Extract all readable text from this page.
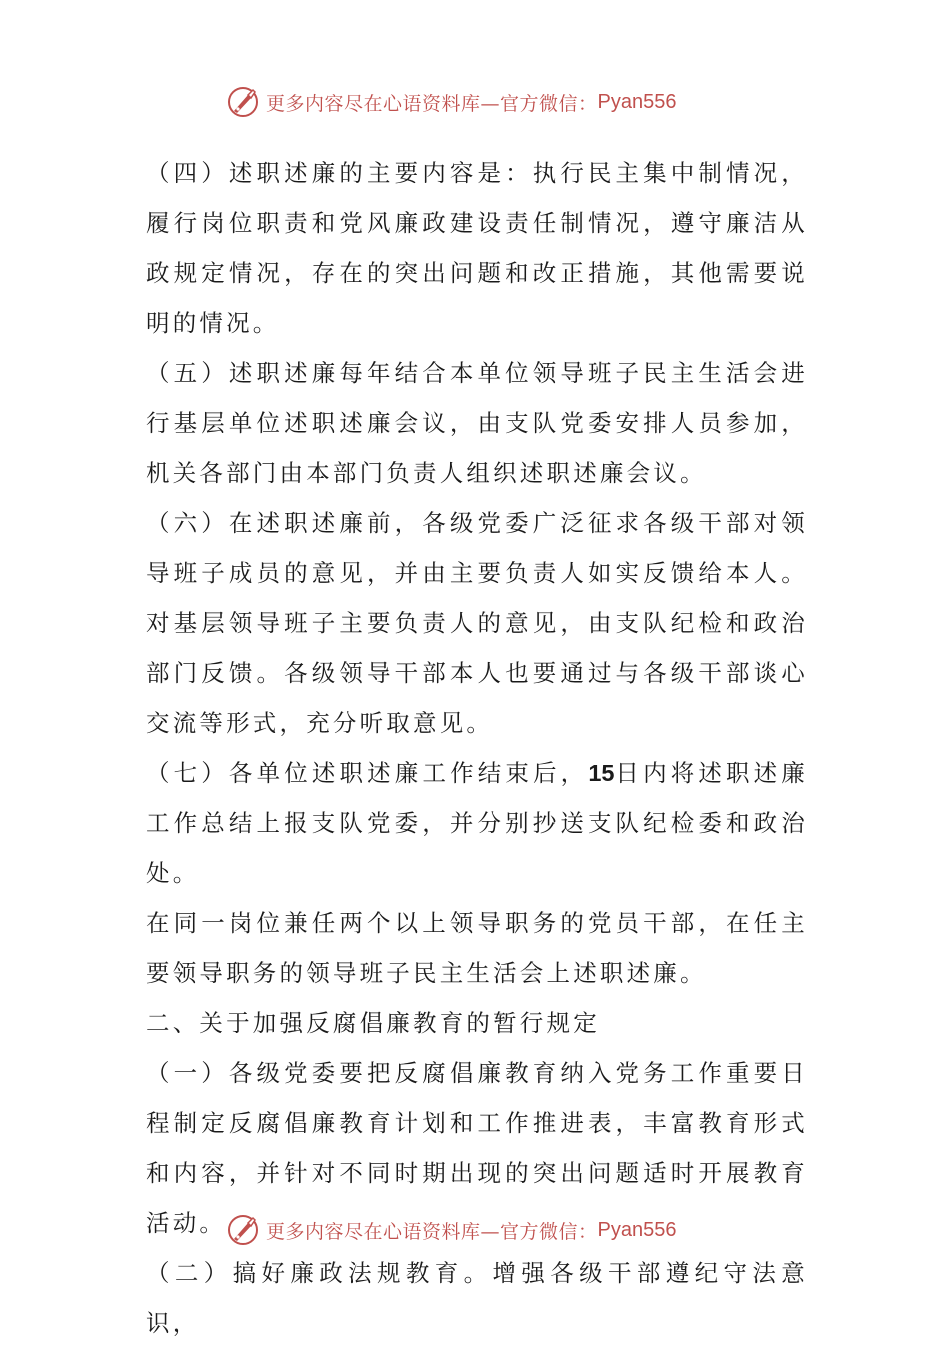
更多内容尽在心语资料库—官方微信： Pyan556

（四）述职述廉的主要内容是：执行民主集中制情况，履行岗位职责和党风廉政建设责任制情况，遵守廉洁从政规定情况，存在的突出问题和改正措施，其他需要说明的情况。

（五）述职述廉每年结合本单位领导班子民主生活会进行基层单位述职述廉会议，由支队党委安排人员参加，机关各部门由本部门负责人组织述职述廉会议。

（六）在述职述廉前，各级党委广泛征求各级干部对领导班子成员的意见，并由主要负责人如实反馈给本人。对基层领导班子主要负责人的意见，由支队纪检和政治部门反馈。各级领导干部本人也要通过与各级干部谈心交流等形式，充分听取意见。

（七）各单位述职述廉工作结束后，15日内将述职述廉工作总结上报支队党委，并分别抄送支队纪检委和政治处。

在同一岗位兼任两个以上领导职务的党员干部，在任主要领导职务的领导班子民主生活会上述职述廉。

二、关于加强反腐倡廉教育的暂行规定

（一）各级党委要把反腐倡廉教育纳入党务工作重要日程制定反腐倡廉教育计划和工作推进表，丰富教育形式和内容，并针对不同时期出现的突出问题适时开展教育活动。

（二）搞好廉政法规教育。增强各级干部遵纪守法意识，

更多内容尽在心语资料库—官方微信： Pyan556
